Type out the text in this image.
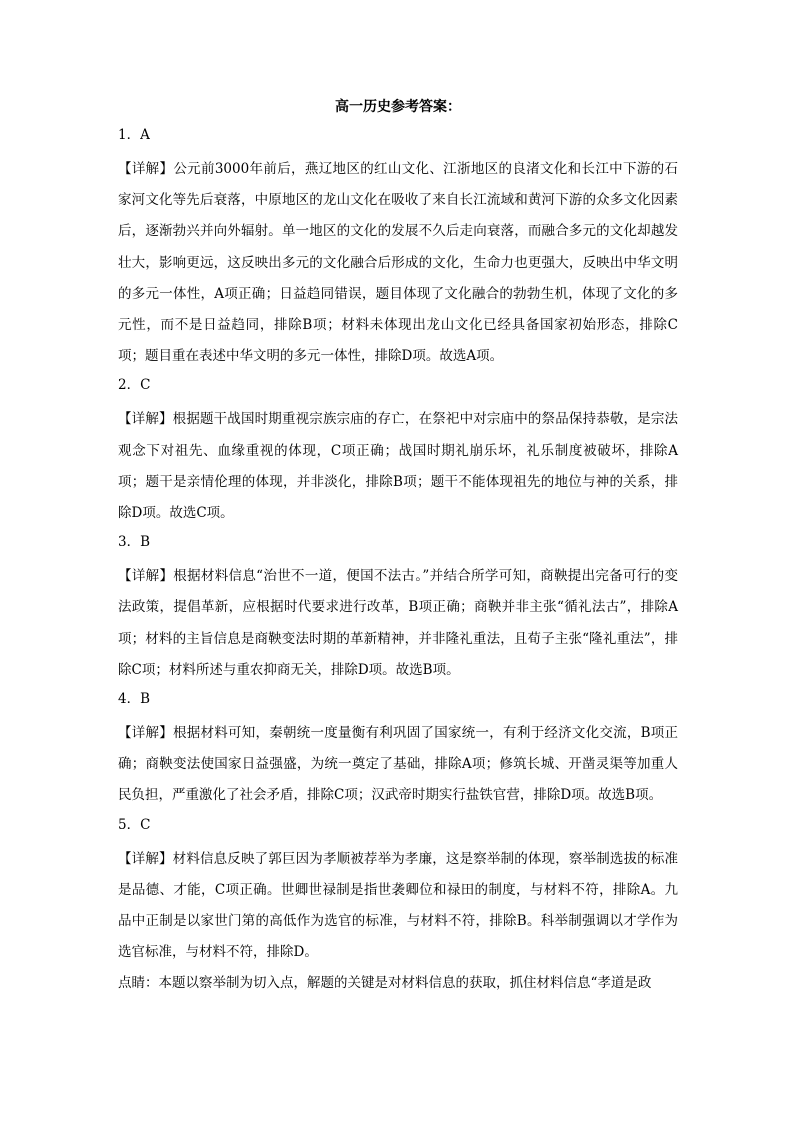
高一历史参考答案：
1．A
【详解】公元前3000年前后，燕辽地区的红山文化、江浙地区的良渚文化和长江中下游的石家河文化等先后衰落，中原地区的龙山文化在吸收了来自长江流域和黄河下游的众多文化因素后，逐渐勃兴并向外辐射。单一地区的文化的发展不久后走向衰落，而融合多元的文化却越发壮大，影响更远，这反映出多元的文化融合后形成的文化，生命力也更强大，反映出中华文明的多元一体性，A项正确；日益趋同错误，题目体现了文化融合的勃勃生机，体现了文化的多元性，而不是日益趋同，排除B项；材料未体现出龙山文化已经具备国家初始形态，排除C项；题目重在表述中华文明的多元一体性，排除D项。故选A项。
2．C
【详解】根据题干战国时期重视宗族宗庙的存亡，在祭祀中对宗庙中的祭品保持恭敬，是宗法观念下对祖先、血缘重视的体现，C项正确；战国时期礼崩乐坏，礼乐制度被破坏，排除A项；题干是亲情伦理的体现，并非淡化，排除B项；题干不能体现祖先的地位与神的关系，排除D项。故选C项。
3．B
【详解】根据材料信息“治世不一道，便国不法古。”并结合所学可知，商鞅提出完备可行的变法政策，提倡革新，应根据时代要求进行改革，B项正确；商鞅并非主张“循礼法古”，排除A项；材料的主旨信息是商鞅变法时期的革新精神，并非隆礼重法，且荀子主张“隆礼重法”，排除C项；材料所述与重农抑商无关，排除D项。故选B项。
4．B
【详解】根据材料可知，秦朝统一度量衡有利巩固了国家统一，有利于经济文化交流，B项正确；商鞅变法使国家日益强盛，为统一奠定了基础，排除A项；修筑长城、开凿灵渠等加重人民负担，严重激化了社会矛盾，排除C项；汉武帝时期实行盐铁官营，排除D项。故选B项。
5．C
【详解】材料信息反映了郭巨因为孝顺被荐举为孝廉，这是察举制的体现，察举制选拔的标准是品德、才能，C项正确。世卿世禄制是指世袭卿位和禄田的制度，与材料不符，排除A。九品中正制是以家世门第的高低作为选官的标准，与材料不符，排除B。科举制强调以才学作为选官标准，与材料不符，排除D。
点睛：本题以察举制为切入点，解题的关键是对材料信息的获取，抓住材料信息“孝道是政
